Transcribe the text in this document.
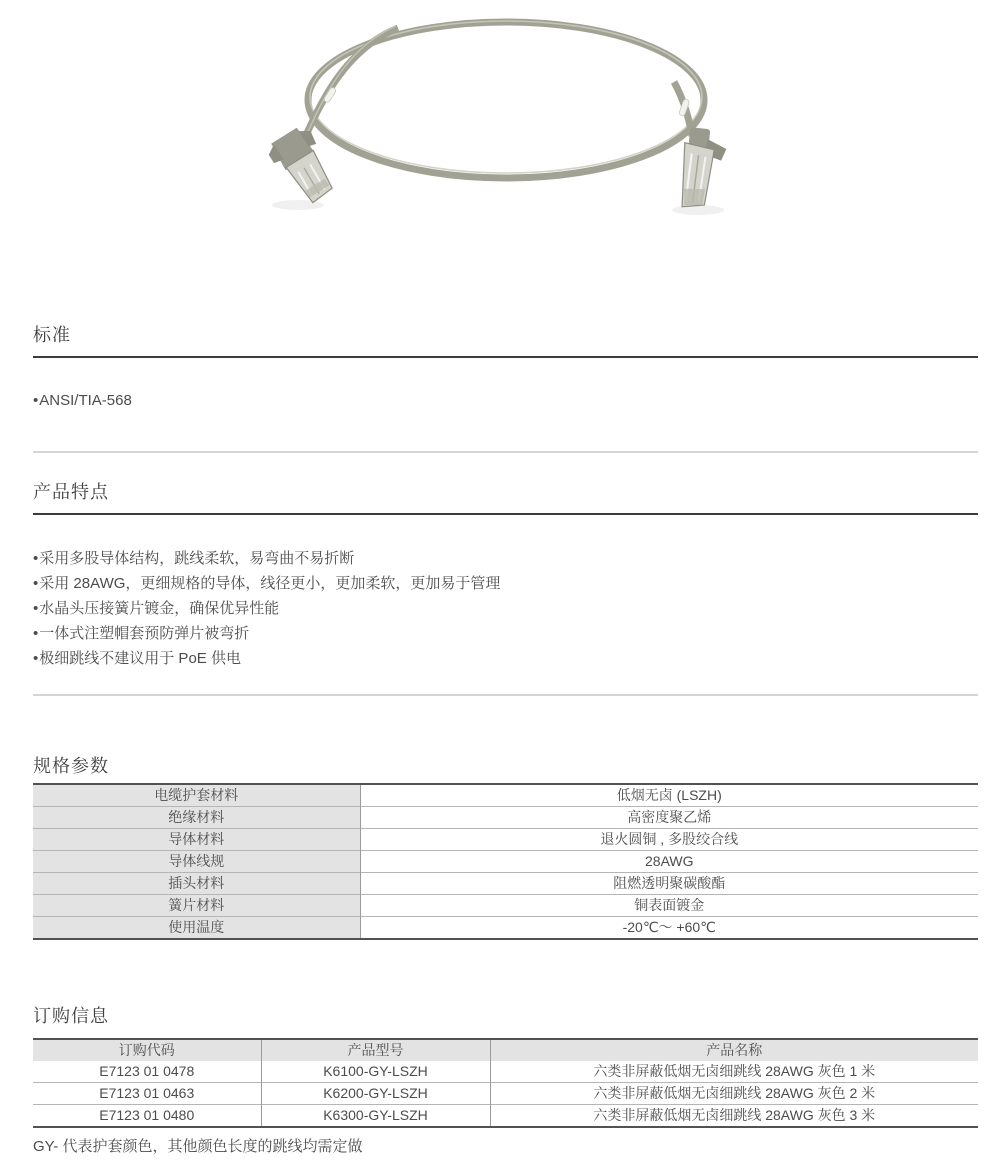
标准
• ANSI/TIA-568
产品特点
• 采用多股导体结构，跳线柔软，易弯曲不易折断
• 采用 28AWG，更细规格的导体，线径更小，更加柔软，更加易于管理
• 水晶头压接簧片镀金，确保优异性能
• 一体式注塑帽套预防弹片被弯折
• 极细跳线不建议用于 PoE 供电
规格参数
电缆护套材料	低烟无卤 (LSZH)
绝缘材料	高密度聚乙烯
导体材料	退火圆铜 , 多股绞合线
导体线规	28AWG
插头材料	阻燃透明聚碳酸酯
簧片材料	铜表面镀金
使用温度	-20℃～ +60℃
订购信息
订购代码	产品型号	产品名称
E7123 01 0478	K6100-GY-LSZH	六类非屏蔽低烟无卤细跳线 28AWG 灰色 1 米
E7123 01 0463	K6200-GY-LSZH	六类非屏蔽低烟无卤细跳线 28AWG 灰色 2 米
E7123 01 0480	K6300-GY-LSZH	六类非屏蔽低烟无卤细跳线 28AWG 灰色 3 米

GY- 代表护套颜色，其他颜色长度的跳线均需定做
